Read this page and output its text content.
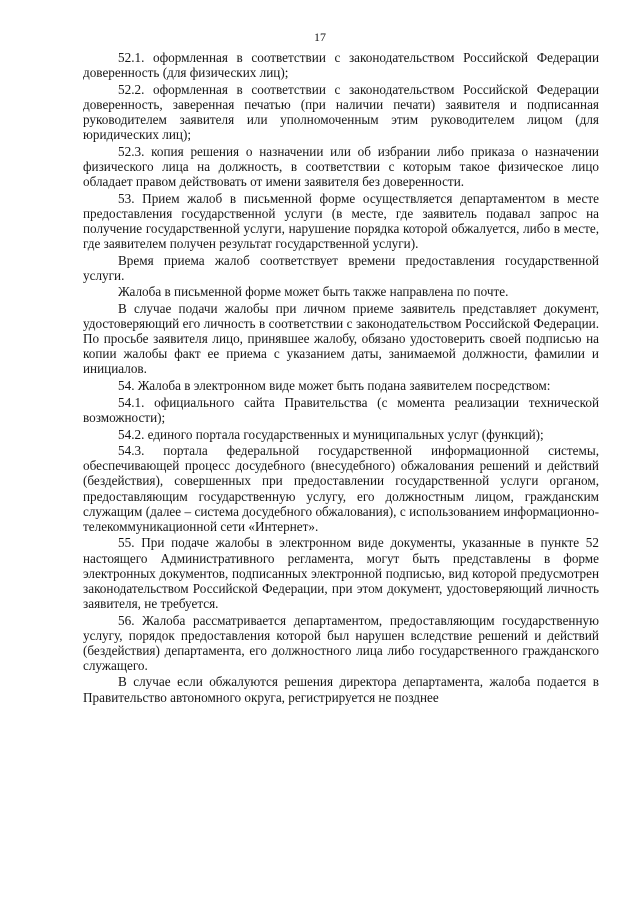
17

52.1. оформленная в соответствии с законодательством Российской Федерации доверенность (для физических лиц);

52.2. оформленная в соответствии с законодательством Российской Федерации доверенность, заверенная печатью (при наличии печати) заявителя и подписанная руководителем заявителя или уполномоченным этим руководителем лицом (для юридических лиц);

52.3. копия решения о назначении или об избрании либо приказа о назначении физического лица на должность, в соответствии с которым такое физическое лицо обладает правом действовать от имени заявителя без доверенности.

53. Прием жалоб в письменной форме осуществляется департаментом в месте предоставления государственной услуги (в месте, где заявитель подавал запрос на получение государственной услуги, нарушение порядка которой обжалуется, либо в месте, где заявителем получен результат государственной услуги).

Время приема жалоб соответствует времени предоставления государственной услуги.

Жалоба в письменной форме может быть также направлена по почте.

В случае подачи жалобы при личном приеме заявитель представляет документ, удостоверяющий его личность в соответствии с законодательством Российской Федерации. По просьбе заявителя лицо, принявшее жалобу, обязано удостоверить своей подписью на копии жалобы факт ее приема с указанием даты, занимаемой должности, фамилии и инициалов.

54. Жалоба в электронном виде может быть подана заявителем посредством:

54.1. официального сайта Правительства (с момента реализации технической возможности);

54.2. единого портала государственных и муниципальных услуг (функций);

54.3. портала федеральной государственной информационной системы, обеспечивающей процесс досудебного (внесудебного) обжалования решений и действий (бездействия), совершенных при предоставлении государственной услуги органом, предоставляющим государственную услугу, его должностным лицом, гражданским служащим (далее – система досудебного обжалования), с использованием информационно-телекоммуникационной сети «Интернет».

55. При подаче жалобы в электронном виде документы, указанные в пункте 52 настоящего Административного регламента, могут быть представлены в форме электронных документов, подписанных электронной подписью, вид которой предусмотрен законодательством Российской Федерации, при этом документ, удостоверяющий личность заявителя, не требуется.

56. Жалоба рассматривается департаментом, предоставляющим государственную услугу, порядок предоставления которой был нарушен вследствие решений и действий (бездействия) департамента, его должностного лица либо государственного гражданского служащего.

В случае если обжалуются решения директора департамента, жалоба подается в Правительство автономного округа, регистрируется не позднее
